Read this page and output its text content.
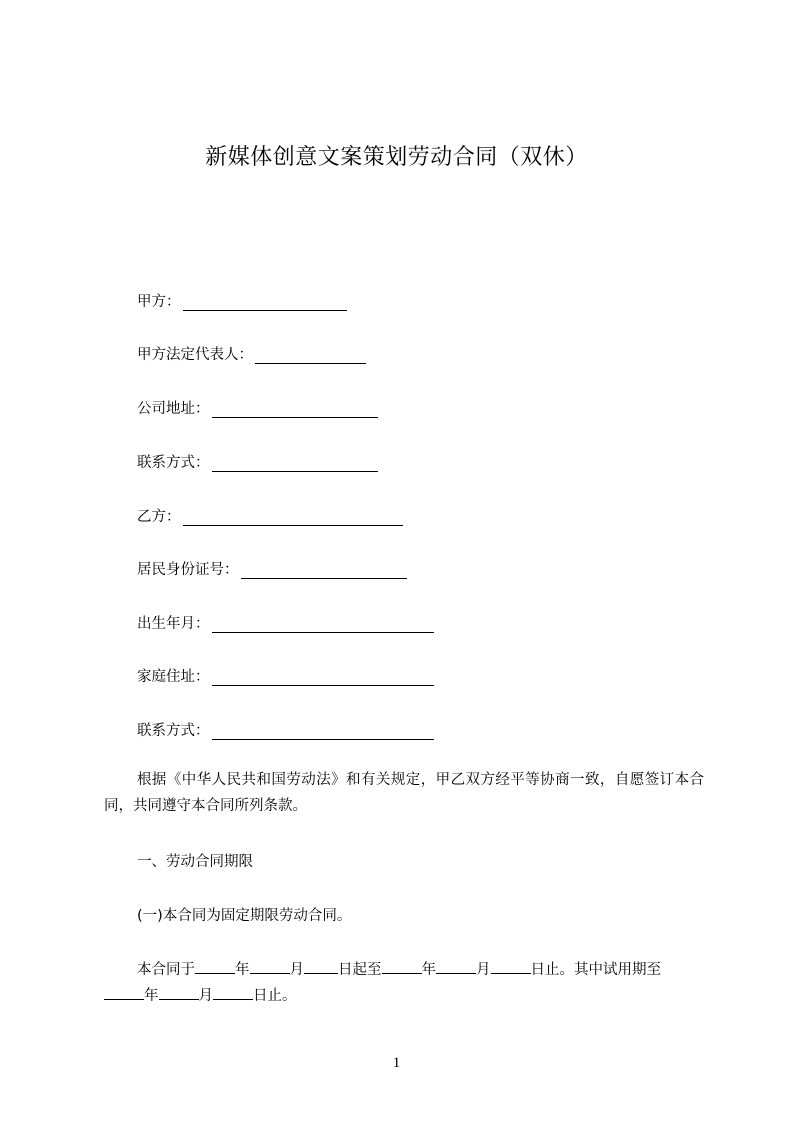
新媒体创意文案策划劳动合同（双休）
甲方：
甲方法定代表人：
公司地址：
联系方式：
乙方：
居民身份证号：
出生年月：
家庭住址：
联系方式：
根据《中华人民共和国劳动法》和有关规定，甲乙双方经平等协商一致，自愿签订本合同，共同遵守本合同所列条款。
一、劳动合同期限
(一)本合同为固定期限劳动合同。
本合同于	年	月 日起至	年	月	日止。其中试用期至
年	月	日止。
1
